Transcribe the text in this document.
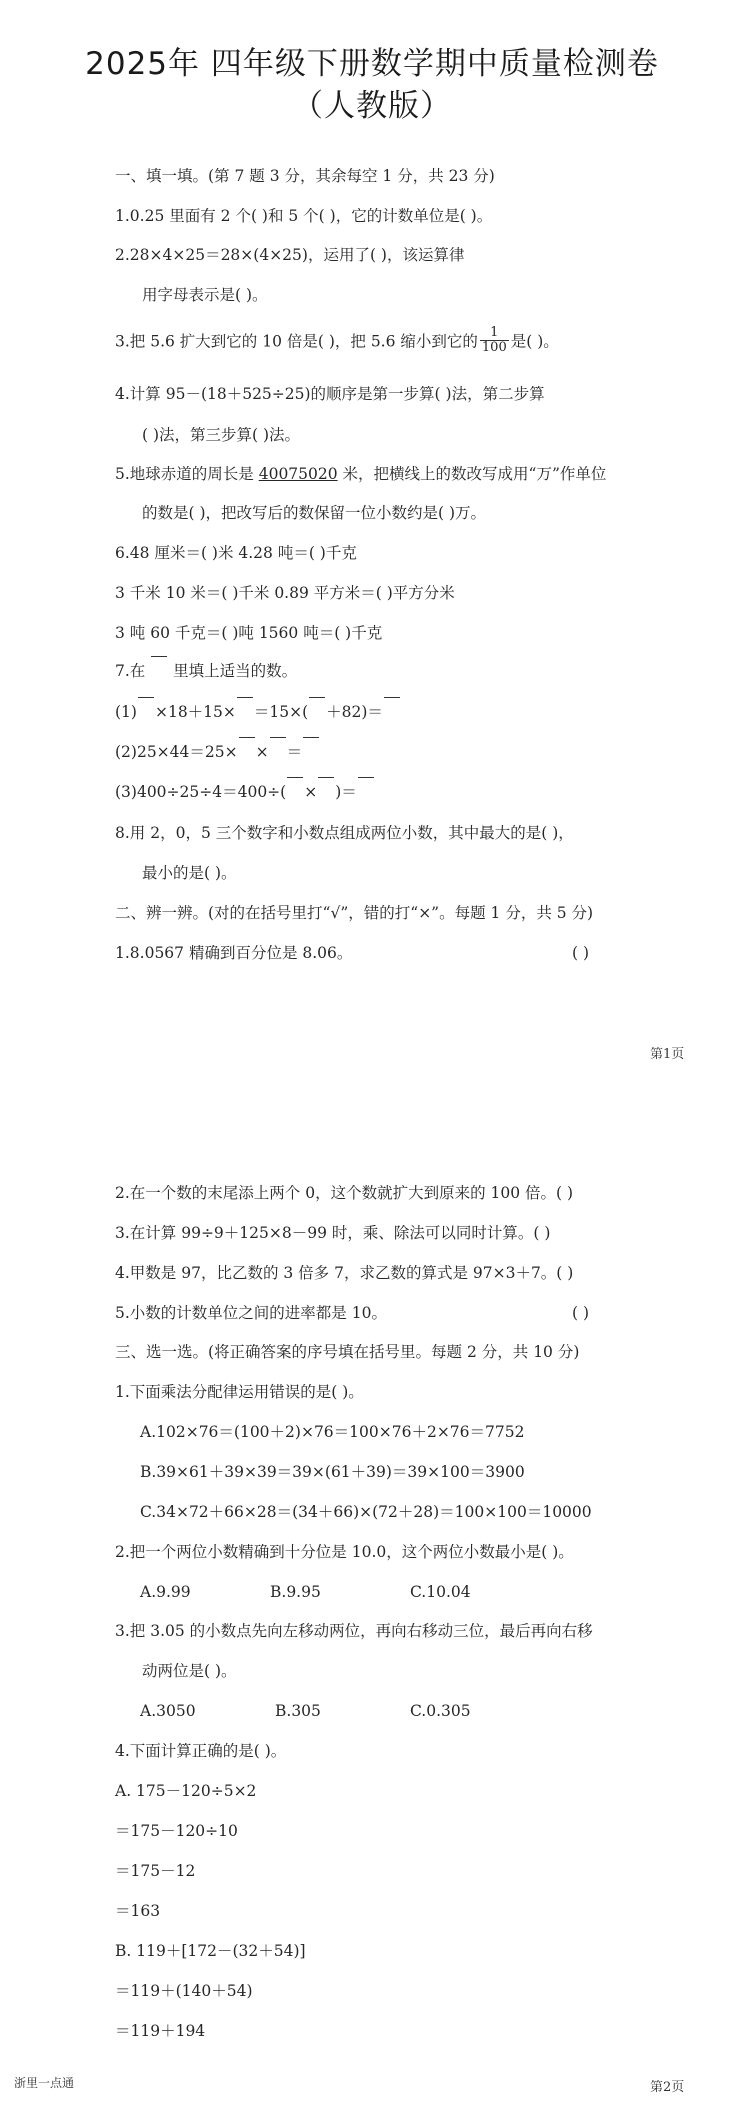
2025年 四年级下册数学期中质量检测卷
（人教版）
一、填一填。(第 7 题 3 分，其余每空 1 分，共 23 分)
1.0.25 里面有 2 个( )和 5 个( )，它的计数单位是( )。
2.28×4×25＝28×(4×25)，运用了( )，该运算律
用字母表示是( )。
3.把 5.6 扩大到它的 10 倍是( )，把 5.6 缩小到它的 $\frac{1}{100}$ 是( )。
4.计算 95－(18＋525÷25)的顺序是第一步算( )法，第二步算
( )法，第三步算( )法。
5.地球赤道的周长是 40075020 米，把横线上的数改写成用“万”作单位
的数是( )，把改写后的数保留一位小数约是( )万。
6.48 厘米＝( )米 4.28 吨＝( )千克
3 千米 10 米＝( )千米 0.89 平方米＝( )平方分米
3 吨 60 千克＝( )吨 1560 吨＝( )千克
7.在 里填上适当的数。
(1) ×18＋15× ＝15×( ＋82)＝
(2)25×44＝25× × ＝
(3)400÷25÷4＝400÷( × )＝
8.用 2，0，5 三个数字和小数点组成两位小数，其中最大的是( )，
最小的是( )。
二、辨一辨。(对的在括号里打“√”，错的打“×”。每题 1 分，共 5 分)
1.8.0567 精确到百分位是 8.06。	( )
第1页
2.在一个数的末尾添上两个 0，这个数就扩大到原来的 100 倍。( )
3.在计算 99÷9＋125×8－99 时，乘、除法可以同时计算。( )
4.甲数是 97，比乙数的 3 倍多 7，求乙数的算式是 97×3＋7。( )
5.小数的计数单位之间的进率都是 10。	( )
三、选一选。(将正确答案的序号填在括号里。每题 2 分，共 10 分)
1.下面乘法分配律运用错误的是( )。
A.102×76＝(100＋2)×76＝100×76＋2×76＝7752
B.39×61＋39×39＝39×(61＋39)＝39×100＝3900
C.34×72＋66×28＝(34＋66)×(72＋28)＝100×100＝10000
2.把一个两位小数精确到十分位是 10.0，这个两位小数最小是( )。
A.9.99	B.9.95	C.10.04
3.把 3.05 的小数点先向左移动两位，再向右移动三位，最后再向右移
动两位是( )。
A.3050	B.305	C.0.305
4.下面计算正确的是( )。
A. 175－120÷5×2
＝175－120÷10
＝175－12
＝163
B. 119＋[172－(32＋54)]
＝119＋(140＋54)
＝119＋194
浙里一点通	第2页
